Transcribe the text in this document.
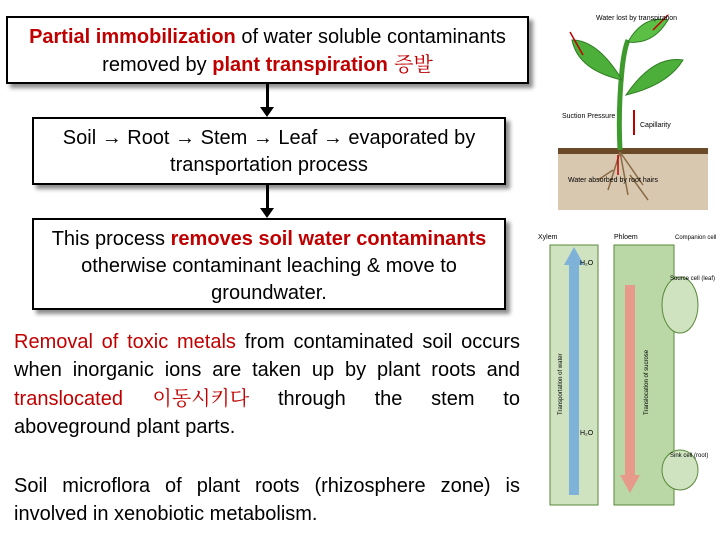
Partial immobilization of water soluble contaminants removed by plant transpiration 증발
Soil → Root → Stem → Leaf → evaporated by transportation process
This process removes soil water contaminants otherwise contaminant leaching & move to groundwater.
Removal of toxic metals from contaminated soil occurs when inorganic ions are taken up by plant roots and translocated 이동시키다 through the stem to aboveground plant parts.
Soil microflora of plant roots (rhizosphere zone) is involved in xenobiotic metabolism.
Water lost by transpiration
Suction Pressure
Capillarity
Water absorbed by root hairs
Xylem	Phloem	Companion cell
Source cell (leaf)
Sink cell (root)
H₂O
H₂O
Transportation of water	Translocation of sucrose
